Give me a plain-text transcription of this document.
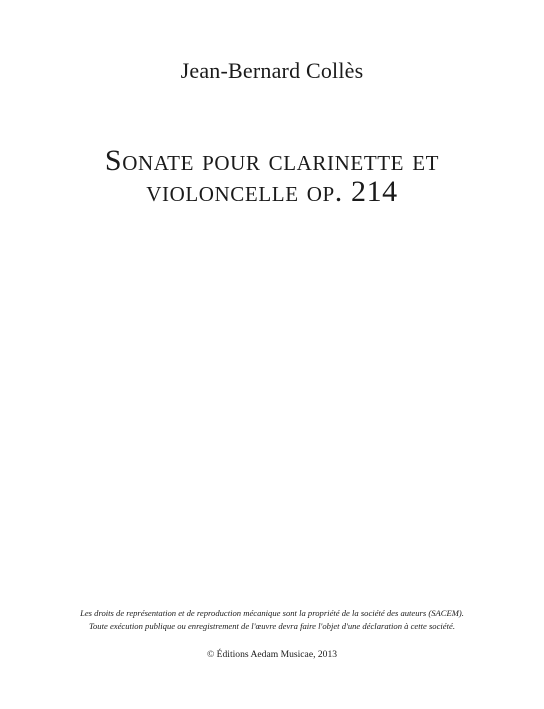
Jean-Bernard Collès
Sonate pour clarinette et
violoncelle op. 214
Les droits de représentation et de reproduction mécanique sont la propriété de la société des auteurs (SACEM).
Toute exécution publique ou enregistrement de l'œuvre devra faire l'objet d'une déclaration à cette société.
© Éditions Aedam Musicae, 2013
